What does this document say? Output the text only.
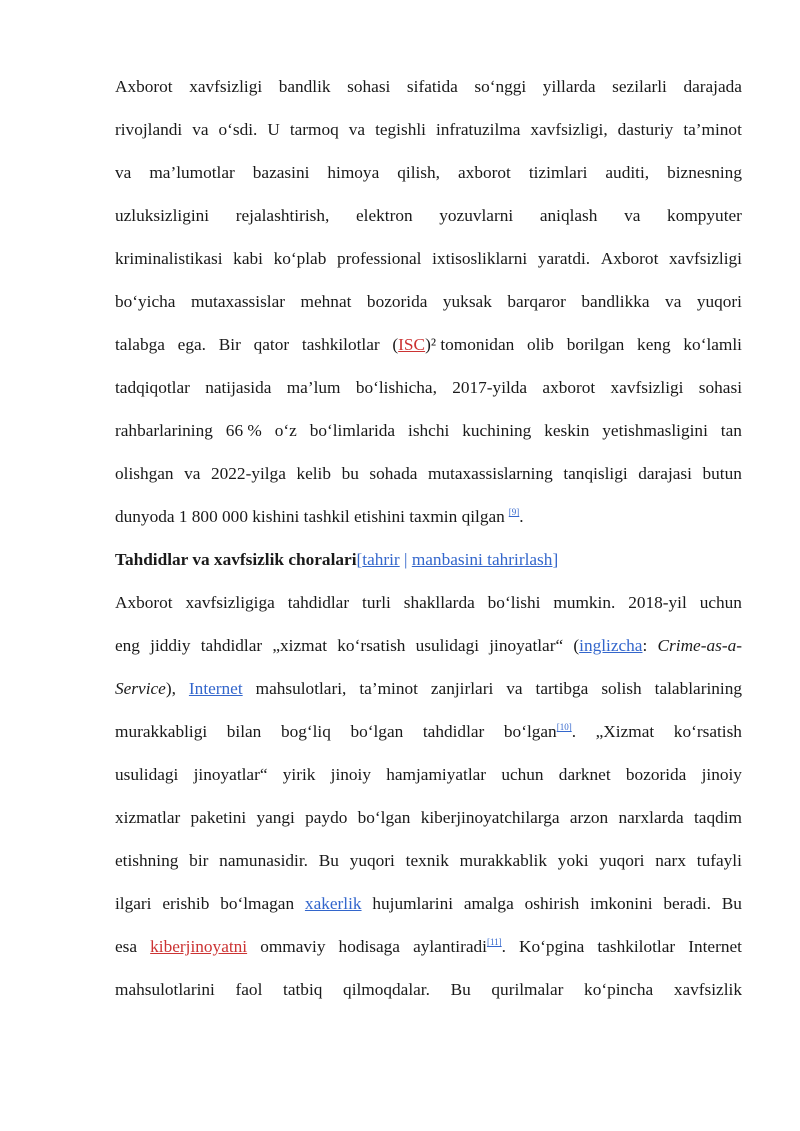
Axborot xavfsizligi bandlik sohasi sifatida so‘nggi yillarda sezilarli darajada
rivojlandi va o‘sdi. U tarmoq va tegishli infratuzilma xavfsizligi, dasturiy ta’minot
va ma’lumotlar bazasini himoya qilish, axborot tizimlari auditi, biznesning
uzluksizligini rejalashtirish, elektron yozuvlarni aniqlash va kompyuter
kriminalistikasi kabi ko‘plab professional ixtisosliklarni yaratdi. Axborot xavfsizligi
bo‘yicha mutaxassislar mehnat bozorida yuksak barqaror bandlikka va yuqori
talabga ega. Bir qator tashkilotlar (ISC)² tomonidan olib borilgan keng ko‘lamli
tadqiqotlar natijasida ma’lum bo‘lishicha, 2017-yilda axborot xavfsizligi sohasi
rahbarlarining 66 % o‘z bo‘limlarida ishchi kuchining keskin yetishmasligini tan
olishgan va 2022-yilga kelib bu sohada mutaxassislarning tanqisligi darajasi butun
dunyoda 1 800 000 kishini tashkil etishini taxmin qilgan [9].
Tahdidlar va xavfsizlik choralari[tahrir | manbasini tahrirlash]
Axborot xavfsizligiga tahdidlar turli shakllarda bo‘lishi mumkin. 2018-yil uchun
eng jiddiy tahdidlar „xizmat ko‘rsatish usulidagi jinoyatlar“ (inglizcha: Crime-as-a-
Service), Internet mahsulotlari, ta’minot zanjirlari va tartibga solish talablarining
murakkabligi bilan bog‘liq bo‘lgan tahdidlar bo‘lgan[10]. „Xizmat ko‘rsatish
usulidagi jinoyatlar“ yirik jinoiy hamjamiyatlar uchun darknet bozorida jinoiy
xizmatlar paketini yangi paydo bo‘lgan kiberjinoyatchilarga arzon narxlarda taqdim
etishning bir namunasidir. Bu yuqori texnik murakkablik yoki yuqori narx tufayli
ilgari erishib bo‘lmagan xakerlik hujumlarini amalga oshirish imkonini beradi. Bu
esa kiberjinoyatni ommaviy hodisaga aylantiradi[11]. Ko‘pgina tashkilotlar Internet
mahsulotlarini faol tatbiq qilmoqdalar. Bu qurilmalar ko‘pincha xavfsizlik
